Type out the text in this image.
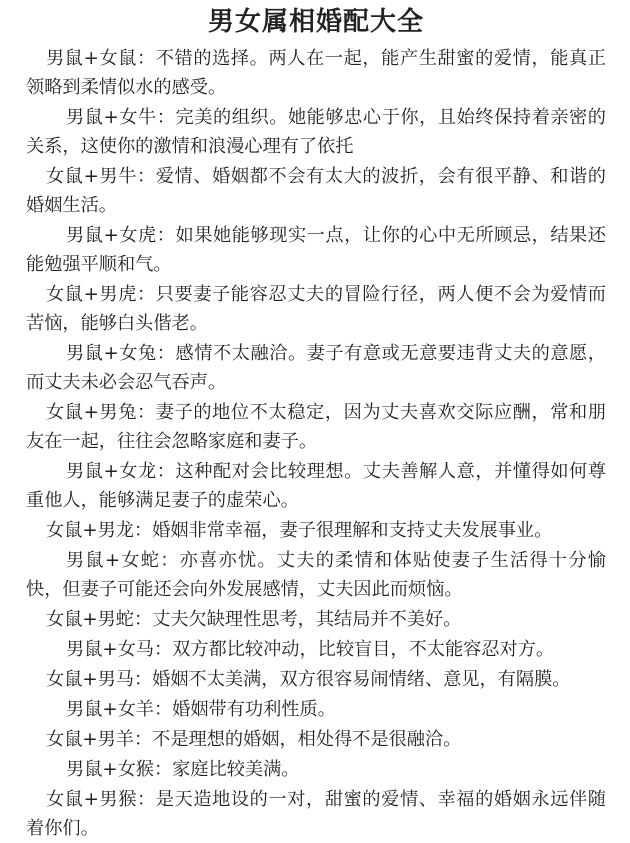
男女属相婚配大全

男鼠+女鼠：不错的选择。两人在一起，能产生甜蜜的爱情，能真正领略到柔情似水的感受。

男鼠+女牛：完美的组织。她能够忠心于你，且始终保持着亲密的关系，这使你的激情和浪漫心理有了依托

女鼠+男牛：爱情、婚姻都不会有太大的波折，会有很平静、和谐的婚姻生活。

男鼠+女虎：如果她能够现实一点，让你的心中无所顾忌，结果还能勉强平顺和气。

女鼠+男虎：只要妻子能容忍丈夫的冒险行径，两人便不会为爱情而苦恼，能够白头偕老。

男鼠+女兔：感情不太融洽。妻子有意或无意要违背丈夫的意愿，而丈夫未必会忍气吞声。

女鼠+男兔：妻子的地位不太稳定，因为丈夫喜欢交际应酬，常和朋友在一起，往往会忽略家庭和妻子。

男鼠+女龙：这种配对会比较理想。丈夫善解人意，并懂得如何尊重他人，能够满足妻子的虚荣心。

女鼠+男龙：婚姻非常幸福，妻子很理解和支持丈夫发展事业。

男鼠+女蛇：亦喜亦忧。丈夫的柔情和体贴使妻子生活得十分愉快，但妻子可能还会向外发展感情，丈夫因此而烦恼。

女鼠+男蛇：丈夫欠缺理性思考，其结局并不美好。

男鼠+女马：双方都比较冲动，比较盲目，不太能容忍对方。

女鼠+男马：婚姻不太美满，双方很容易闹情绪、意见，有隔膜。

男鼠+女羊：婚姻带有功利性质。

女鼠+男羊：不是理想的婚姻，相处得不是很融洽。

男鼠+女猴：家庭比较美满。

女鼠+男猴：是天造地设的一对，甜蜜的爱情、幸福的婚姻永远伴随着你们。
